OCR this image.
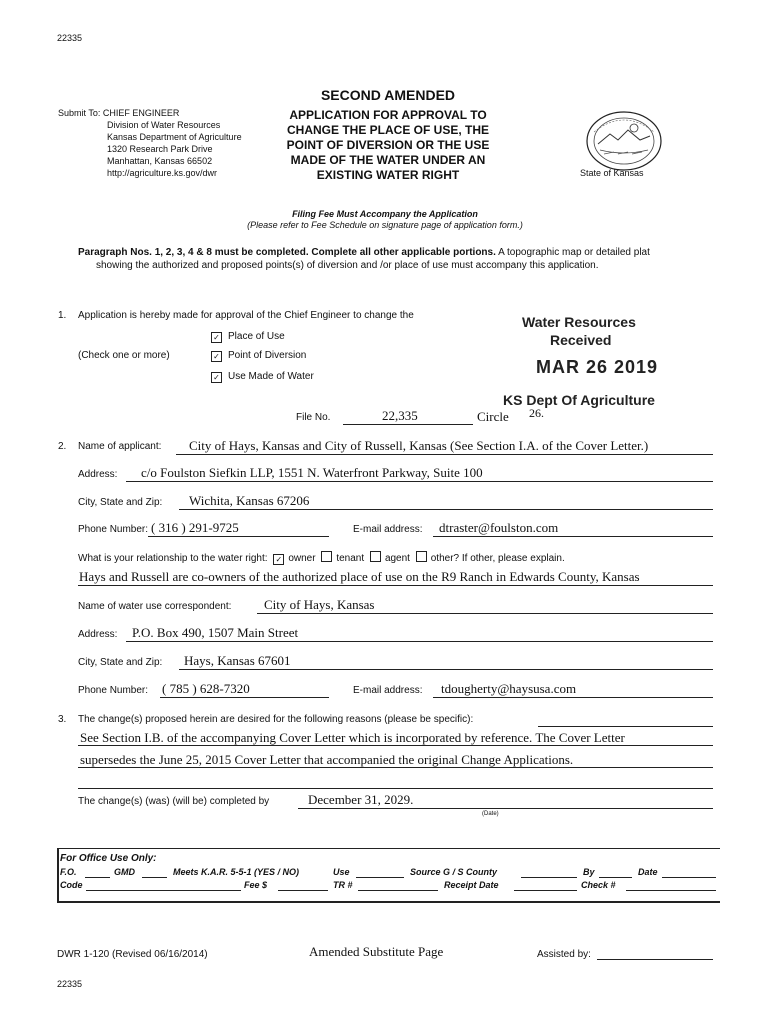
22335
Submit To: CHIEF ENGINEER
Division of Water Resources
Kansas Department of Agriculture
1320 Research Park Drive
Manhattan, Kansas 66502
http://agriculture.ks.gov/dwr
SECOND AMENDED
APPLICATION FOR APPROVAL TO
CHANGE THE PLACE OF USE, THE
POINT OF DIVERSION OR THE USE
MADE OF THE WATER UNDER AN
EXISTING WATER RIGHT	State of Kansas
Filing Fee Must Accompany the Application
(Please refer to Fee Schedule on signature page of application form.)
Paragraph Nos. 1, 2, 3, 4 & 8 must be completed. Complete all other applicable portions. A topographic map or detailed plat
showing the authorized and proposed points(s) of diversion and /or place of use must accompany this application.
1. Application is hereby made for approval of the Chief Engineer to change the
✓ Place of Use
(Check one or more)	✓ Point of Diversion
✓ Use Made of Water
Water Resources
Received
MAR 26 2019
KS Dept Of Agriculture
File No.	22,335	Circle 26.
2. Name of applicant: City of Hays, Kansas and City of Russell, Kansas (See Section I.A. of the Cover Letter.)
Address: c/o Foulston Siefkin LLP, 1551 N. Waterfront Parkway, Suite 100
City, State and Zip: Wichita, Kansas 67206
Phone Number: ( 316 ) 291-9725	E-mail address: dtraster@foulston.com
What is your relationship to the water right: ✓ owner tenant agent other? If other, please explain.
Hays and Russell are co-owners of the authorized place of use on the R9 Ranch in Edwards County, Kansas
Name of water use correspondent:	City of Hays, Kansas
Address: P.O. Box 490, 1507 Main Street
City, State and Zip: Hays, Kansas 67601
Phone Number: ( 785 ) 628-7320	E-mail address: tdougherty@haysusa.com
3. The change(s) proposed herein are desired for the following reasons (please be specific):
See Section I.B. of the accompanying Cover Letter which is incorporated by reference. The Cover Letter
supersedes the June 25, 2015 Cover Letter that accompanied the original Change Applications.
The change(s) (was) (will be) completed by	December 31, 2029.
(Date)
For Office Use Only:
F.O.	GMD	Meets K.A.R. 5-5-1 (YES / NO)	Use	Source G / S County	By	Date
Code	Fee $	TR #	Receipt Date	Check #
DWR 1-120 (Revised 06/16/2014)	Amended Substitute Page	Assisted by:
22335
